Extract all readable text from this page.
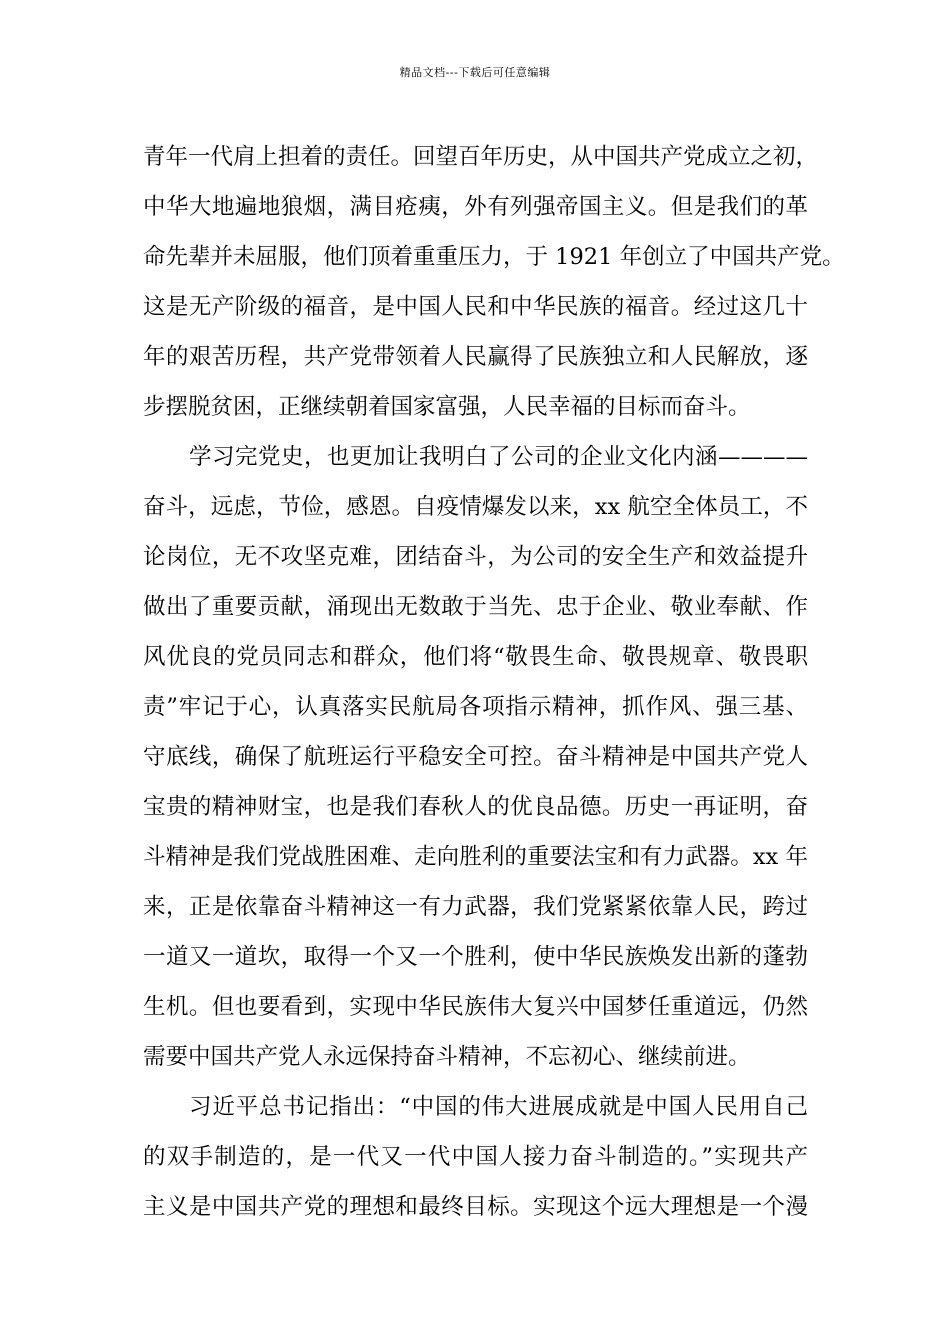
精品文档---下载后可任意编辑
青年一代肩上担着的责任。回望百年历史，从中国共产党成立之初，
中华大地遍地狼烟，满目疮痍，外有列强帝国主义。但是我们的革
命先辈并未屈服，他们顶着重重压力，于 1921 年创立了中国共产党。
这是无产阶级的福音，是中国人民和中华民族的福音。经过这几十
年的艰苦历程，共产党带领着人民赢得了民族独立和人民解放，逐
步摆脱贫困，正继续朝着国家富强，人民幸福的目标而奋斗。
学习完党史，也更加让我明白了公司的企业文化内涵————
奋斗，远虑，节俭，感恩。自疫情爆发以来，xx 航空全体员工，不
论岗位，无不攻坚克难，团结奋斗，为公司的安全生产和效益提升
做出了重要贡献，涌现出无数敢于当先、忠于企业、敬业奉献、作
风优良的党员同志和群众，他们将“敬畏生命、敬畏规章、敬畏职
责”牢记于心，认真落实民航局各项指示精神，抓作风、强三基、
守底线，确保了航班运行平稳安全可控。奋斗精神是中国共产党人
宝贵的精神财宝，也是我们春秋人的优良品德。历史一再证明，奋
斗精神是我们党战胜困难、走向胜利的重要法宝和有力武器。xx 年
来，正是依靠奋斗精神这一有力武器，我们党紧紧依靠人民，跨过
一道又一道坎，取得一个又一个胜利，使中华民族焕发出新的蓬勃
生机。但也要看到，实现中华民族伟大复兴中国梦任重道远，仍然
需要中国共产党人永远保持奋斗精神，不忘初心、继续前进。
习近平总书记指出：“中国的伟大进展成就是中国人民用自己
的双手制造的，是一代又一代中国人接力奋斗制造的。”实现共产
主义是中国共产党的理想和最终目标。实现这个远大理想是一个漫
